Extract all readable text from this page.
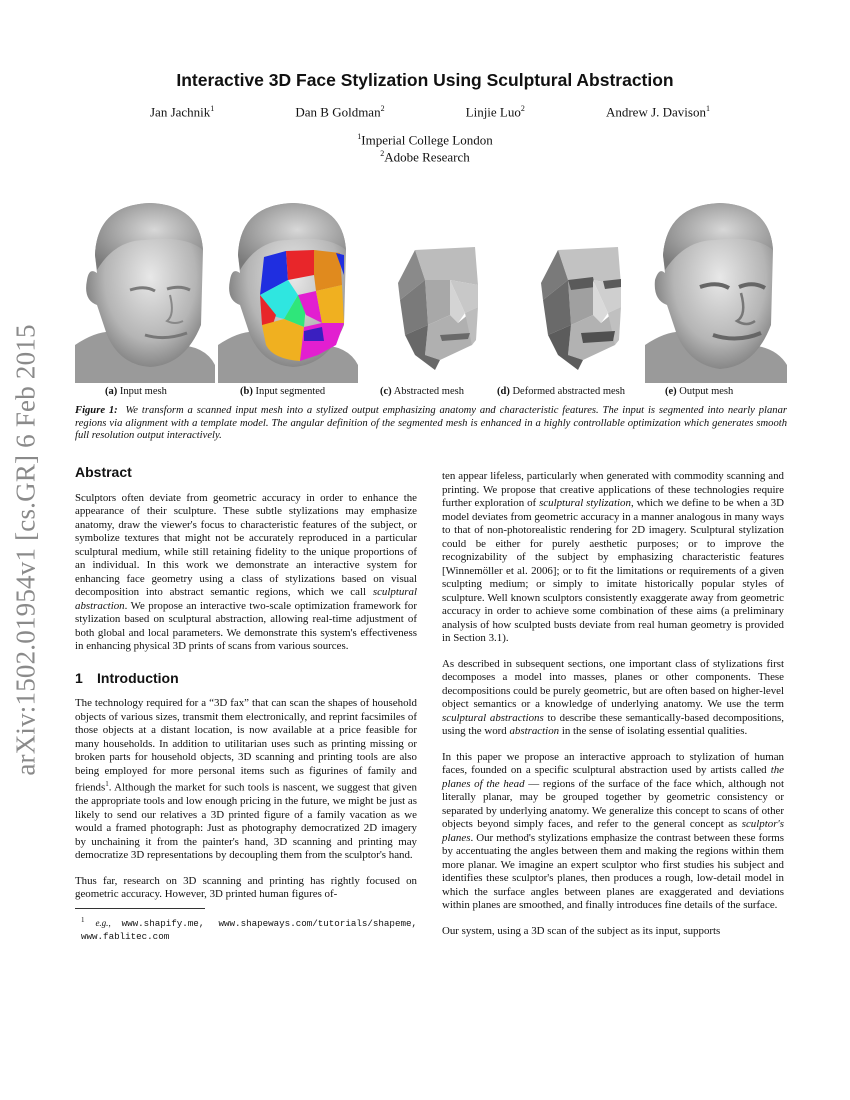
arXiv:1502.01954v1 [cs.GR] 6 Feb 2015
Interactive 3D Face Stylization Using Sculptural Abstraction
Jan Jachnik$^1$	Dan B Goldman$^2$	Linjie Luo$^2$	Andrew J. Davison$^1$
$^1$Imperial College London
$^2$Adobe Research
(a) Input mesh	(b) Input segmented	(c) Abstracted mesh	(d) Deformed abstracted mesh	(e) Output mesh
Figure 1: We transform a scanned input mesh into a stylized output emphasizing anatomy and characteristic features. The input is segmented into nearly planar regions via alignment with a template model. The angular definition of the segmented mesh is enhanced in a highly controllable optimization which generates smooth full resolution output interactively.
Abstract

Sculptors often deviate from geometric accuracy in order to enhance the appearance of their sculpture. These subtle stylizations may emphasize anatomy, draw the viewer's focus to characteristic features of the subject, or symbolize textures that might not be accurately reproduced in a particular sculptural medium, while still retaining fidelity to the unique proportions of an individual. In this work we demonstrate an interactive system for enhancing face geometry using a class of stylizations based on visual decomposition into abstract semantic regions, which we call sculptural abstraction. We propose an interactive two-scale optimization framework for stylization based on sculptural abstraction, allowing real-time adjustment of both global and local parameters. We demonstrate this system's effectiveness in enhancing physical 3D prints of scans from various sources.

1 Introduction

The technology required for a “3D fax” that can scan the shapes of household objects of various sizes, transmit them electronically, and reprint facsimiles of those objects at a distant location, is now available at a price feasible for many households. In addition to utilitarian uses such as printing missing or broken parts for household objects, 3D scanning and printing tools are also being employed for more personal items such as figurines of family and friends$^1$. Although the market for such tools is nascent, we suggest that given the appropriate tools and low enough pricing in the future, we might be just as likely to send our relatives a 3D printed figure of a family vacation as we would a framed photograph: Just as photography democratized 2D imagery by unchaining it from the painter's hand, 3D scanning and printing may democratize 3D representations by decoupling them from the sculptor's hand.

Thus far, research on 3D scanning and printing has rightly focused on geometric accuracy. However, 3D printed human figures of-

$^1$ e.g., www.shapify.me, www.shapeways.com/tutorials/shapeme, www.fablitec.com

ten appear lifeless, particularly when generated with commodity scanning and printing. We propose that creative applications of these technologies require further exploration of sculptural stylization, which we define to be when a 3D model deviates from geometric accuracy in a manner analogous in many ways to that of non-photorealistic rendering for 2D imagery. Sculptural stylization could be either for purely aesthetic purposes; or to improve the recognizability of the subject by emphasizing characteristic features [Winnemöller et al. 2006]; or to fit the limitations or requirements of a given sculpting medium; or simply to imitate historically popular styles of sculpture. Well known sculptors consistently exaggerate away from geometric accuracy in order to achieve some combination of these aims (a preliminary analysis of how sculpted busts deviate from real human geometry is provided in Section 3.1).

As described in subsequent sections, one important class of stylizations first decomposes a model into masses, planes or other components. These decompositions could be purely geometric, but are often based on higher-level object semantics or a knowledge of underlying anatomy. We use the term sculptural abstractions to describe these semantically-based decompositions, using the word abstraction in the sense of isolating essential qualities.

In this paper we propose an interactive approach to stylization of human faces, founded on a specific sculptural abstraction used by artists called the planes of the head — regions of the surface of the face which, although not literally planar, may be grouped together by geometric consistency or separated by underlying anatomy. We generalize this concept to scans of other objects beyond simply faces, and refer to the general concept as sculptor's planes. Our method's stylizations emphasize the contrast between these forms by accentuating the angles between them and making the regions within them more planar. We imagine an expert sculptor who first studies his subject and identifies these sculptor's planes, then produces a rough, low-detail model in which the surface angles between planes are exaggerated and deviations within planes are smoothed, and finally introduces fine details of the surface.

Our system, using a 3D scan of the subject as its input, supports
